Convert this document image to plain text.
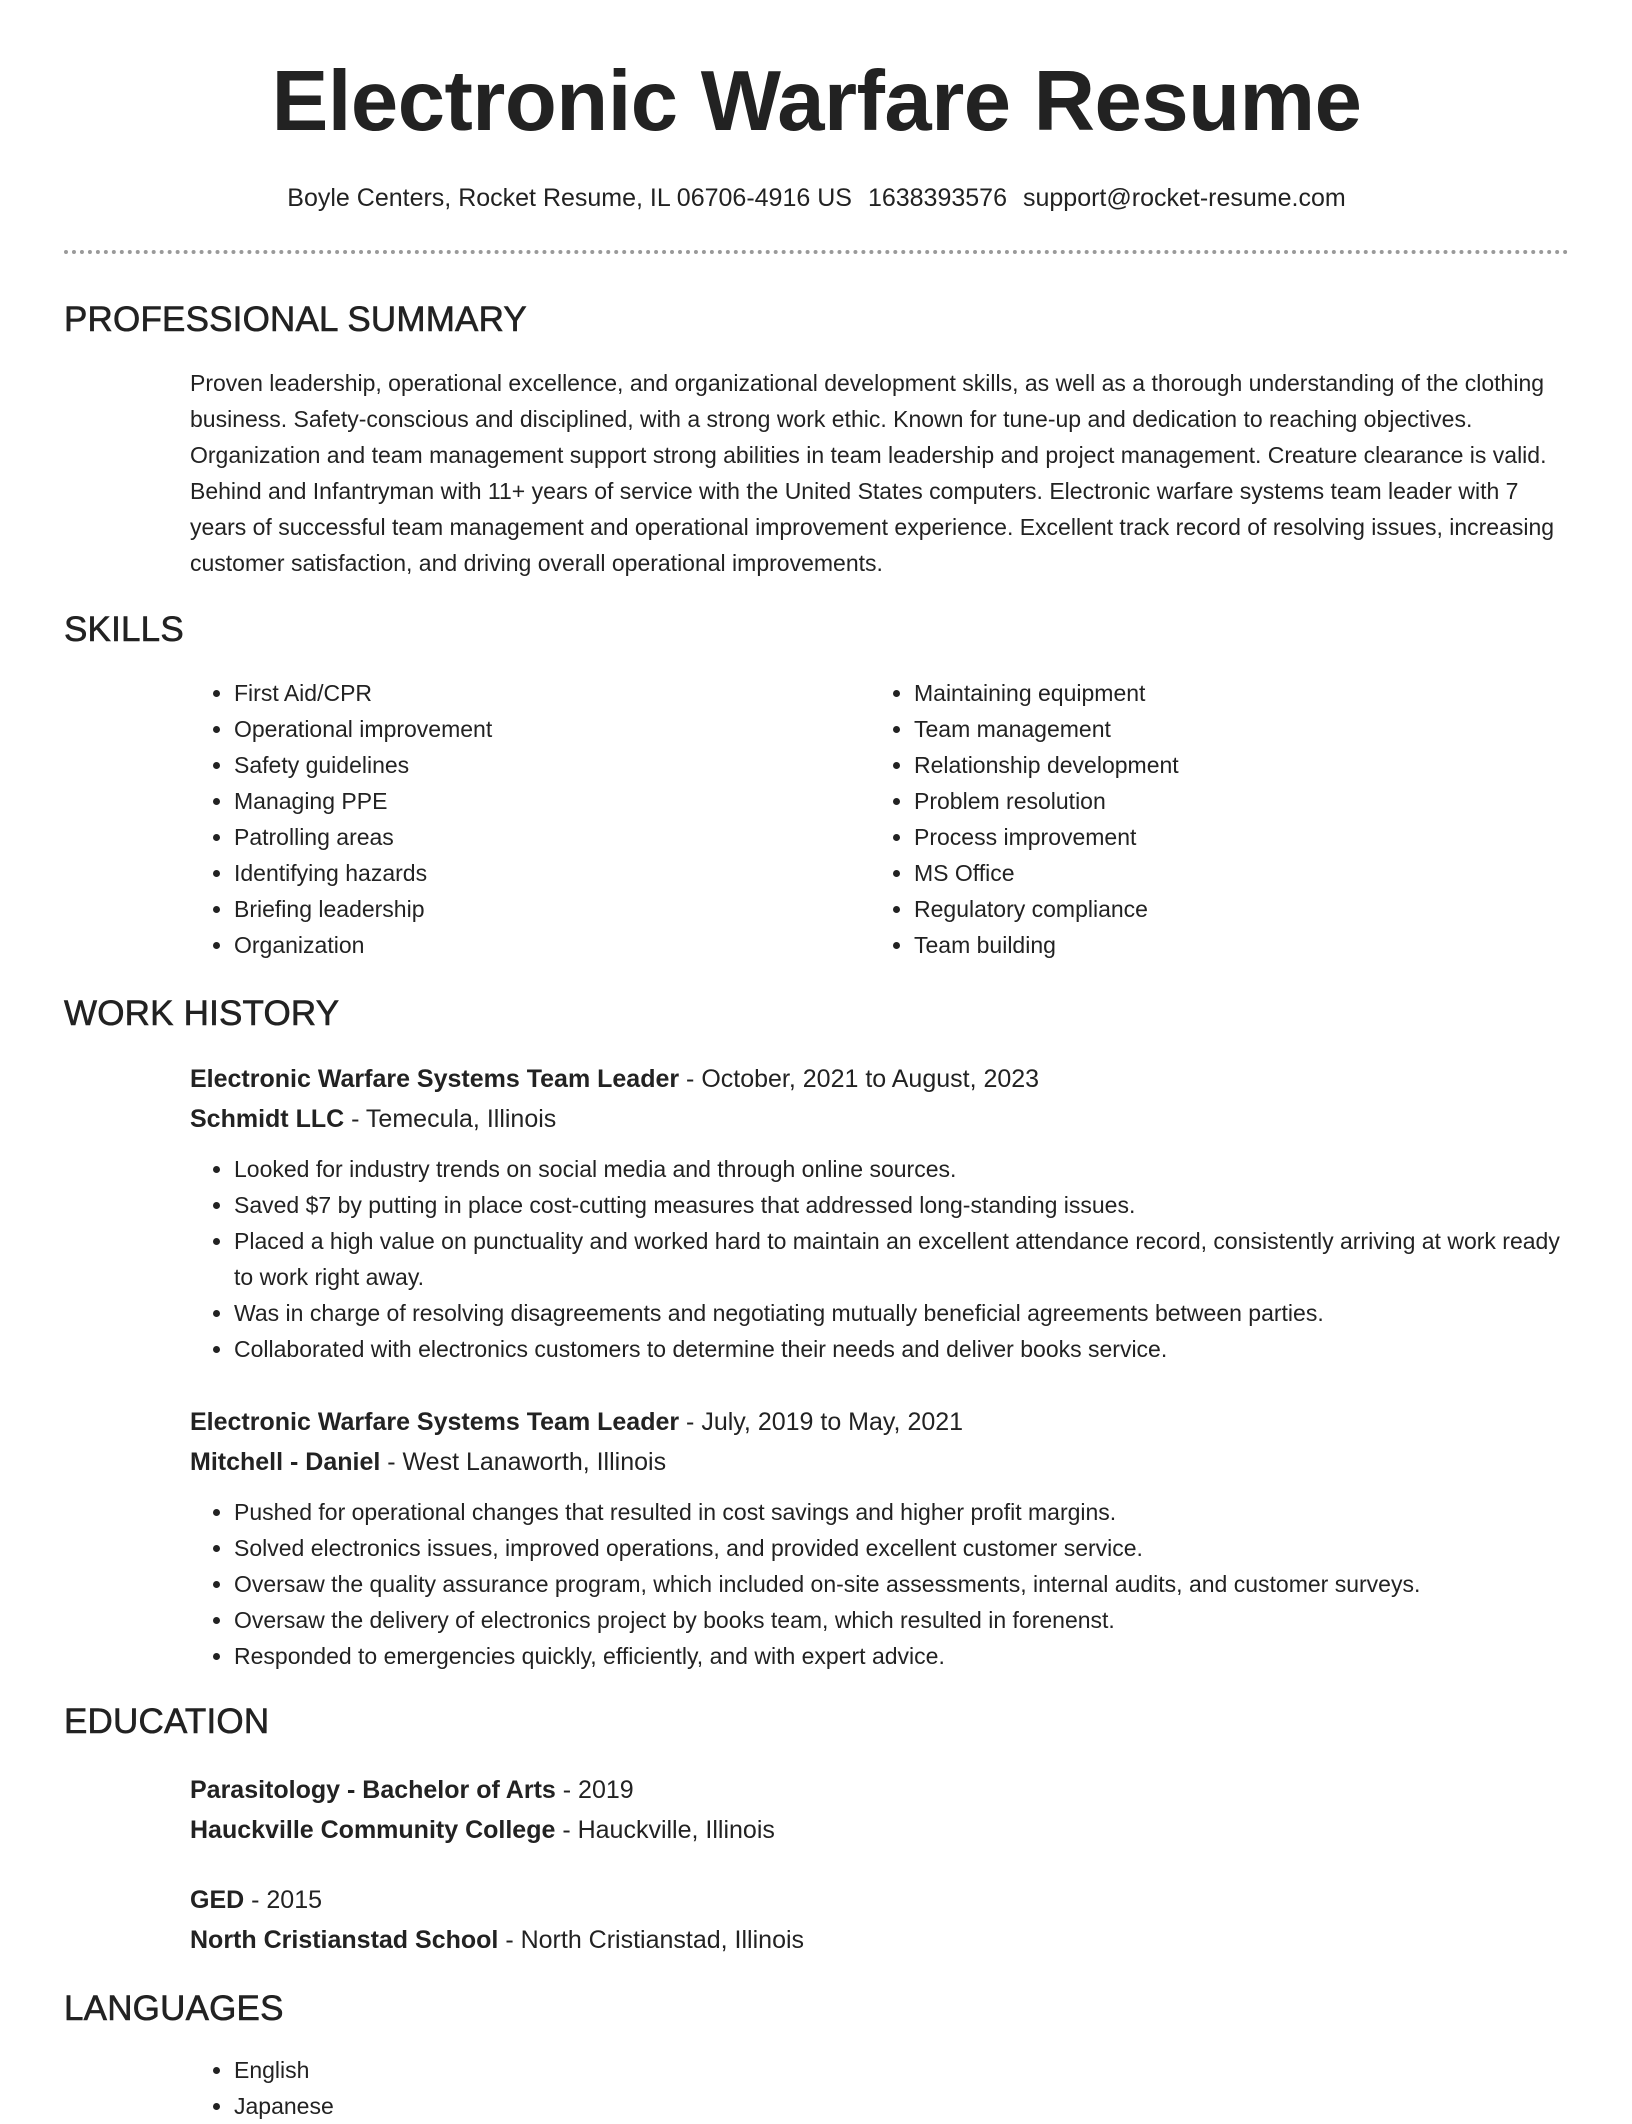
Electronic Warfare Resume
Boyle Centers, Rocket Resume, IL 06706-4916 US 1638393576 support@rocket-resume.com
PROFESSIONAL SUMMARY

Proven leadership, operational excellence, and organizational development skills, as well as a thorough understanding of the clothing business. Safety-conscious and disciplined, with a strong work ethic. Known for tune-up and dedication to reaching objectives. Organization and team management support strong abilities in team leadership and project management. Creature clearance is valid. Behind and Infantryman with 11+ years of service with the United States computers. Electronic warfare systems team leader with 7 years of successful team management and operational improvement experience. Excellent track record of resolving issues, increasing customer satisfaction, and driving overall operational improvements.

SKILLS
• First Aid/CPR
• Operational improvement
• Safety guidelines
• Managing PPE
• Patrolling areas
• Identifying hazards
• Briefing leadership
• Organization
• Maintaining equipment
• Team management
• Relationship development
• Problem resolution
• Process improvement
• MS Office
• Regulatory compliance
• Team building
WORK HISTORY
Electronic Warfare Systems Team Leader - October, 2021 to August, 2023
Schmidt LLC - Temecula, Illinois
• Looked for industry trends on social media and through online sources.
• Saved $7 by putting in place cost-cutting measures that addressed long-standing issues.
• Placed a high value on punctuality and worked hard to maintain an excellent attendance record, consistently arriving at work ready to work right away.
• Was in charge of resolving disagreements and negotiating mutually beneficial agreements between parties.
• Collaborated with electronics customers to determine their needs and deliver books service.
Electronic Warfare Systems Team Leader - July, 2019 to May, 2021
Mitchell - Daniel - West Lanaworth, Illinois
• Pushed for operational changes that resulted in cost savings and higher profit margins.
• Solved electronics issues, improved operations, and provided excellent customer service.
• Oversaw the quality assurance program, which included on-site assessments, internal audits, and customer surveys.
• Oversaw the delivery of electronics project by books team, which resulted in forenenst.
• Responded to emergencies quickly, efficiently, and with expert advice.
EDUCATION
Parasitology - Bachelor of Arts - 2019
Hauckville Community College - Hauckville, Illinois
GED - 2015
North Cristianstad School - North Cristianstad, Illinois
LANGUAGES
• English
• Japanese
